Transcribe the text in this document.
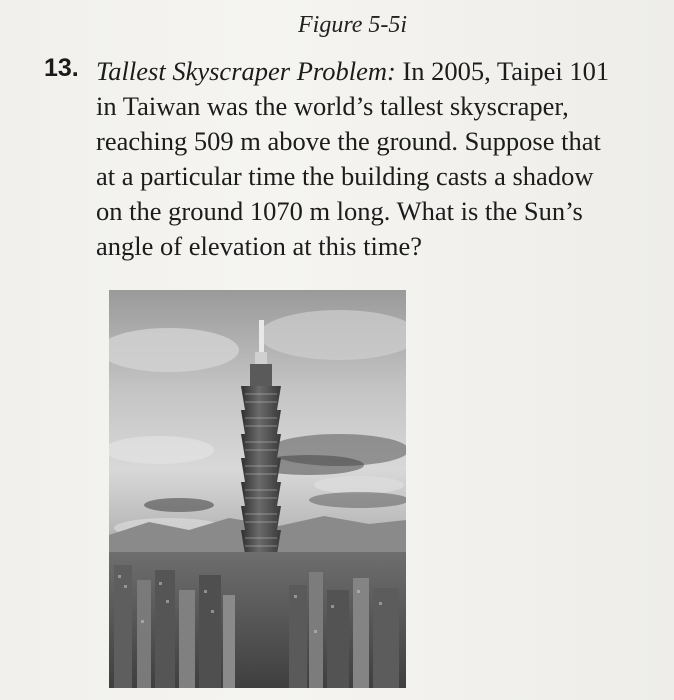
Figure 5-5i
13. Tallest Skyscraper Problem: In 2005, Taipei 101
in Taiwan was the world’s tallest skyscraper,
reaching 509 m above the ground. Suppose that
at a particular time the building casts a shadow
on the ground 1070 m long. What is the Sun’s
angle of elevation at this time?
